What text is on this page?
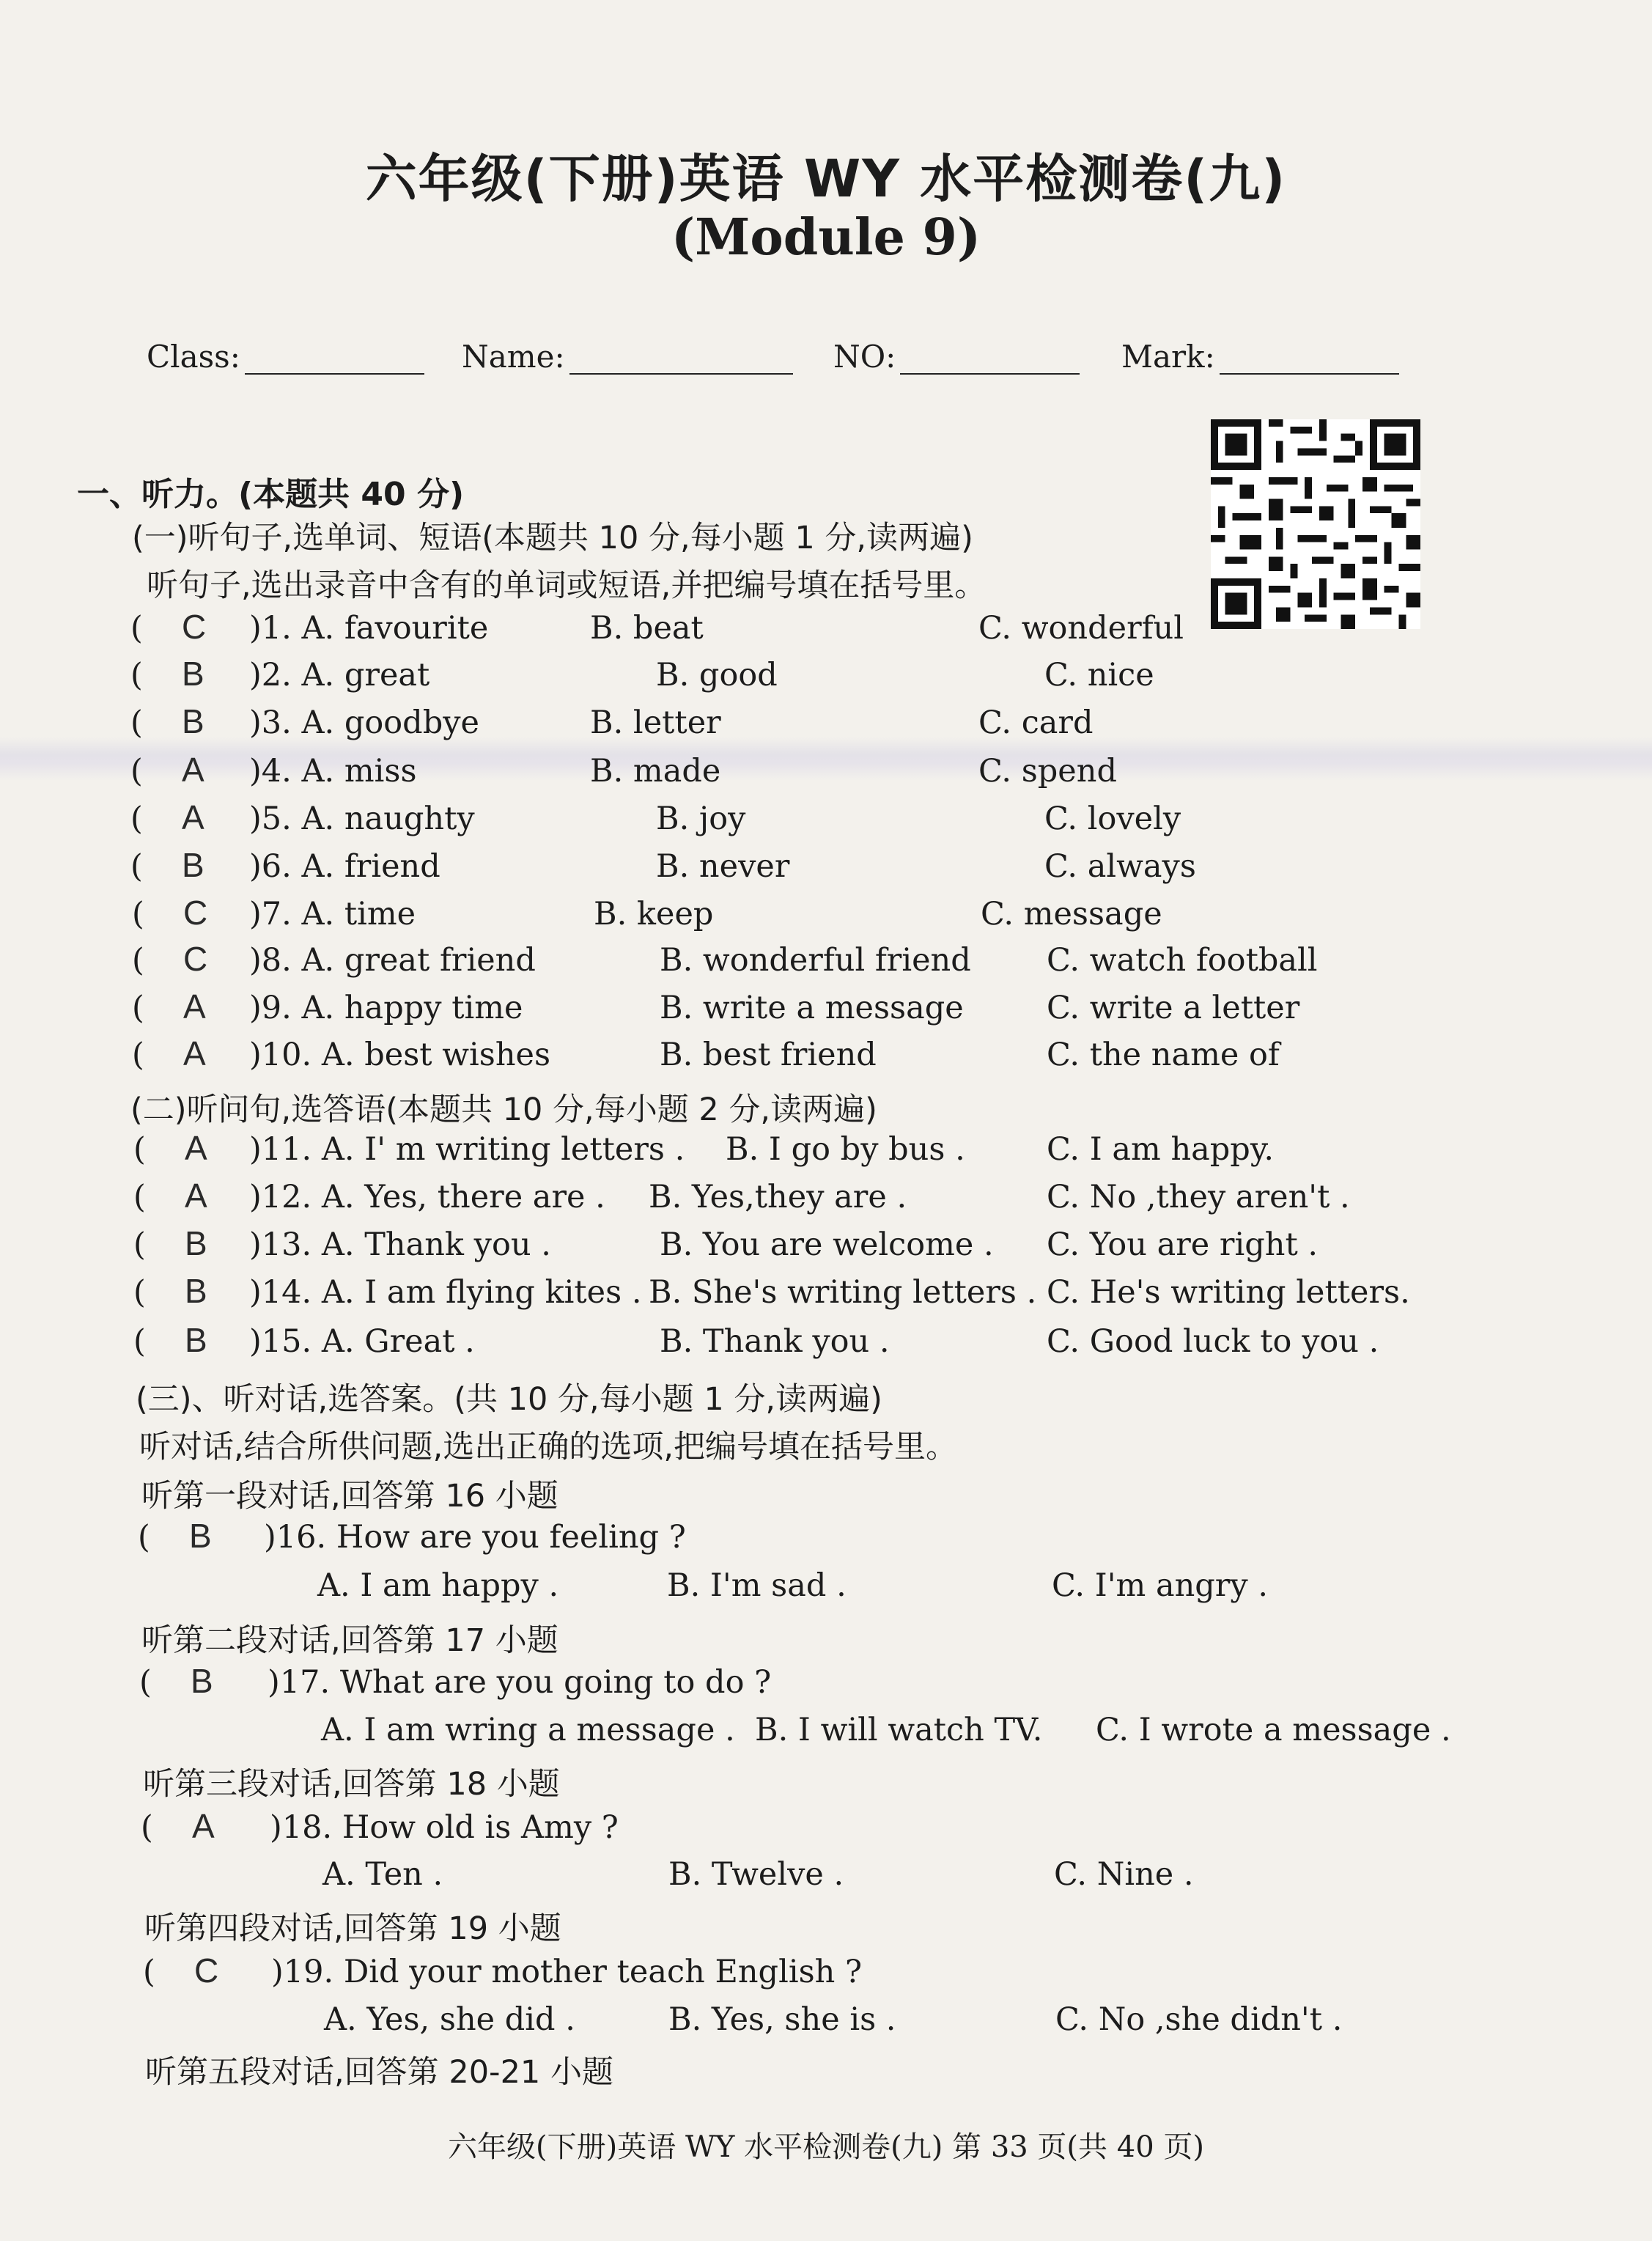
六年级(下册)英语 WY 水平检测卷(九)
(Module 9)
Class:	Name:	NO:	Mark:
一、听力。(本题共 40 分)
(一)听句子,选单词、短语(本题共 10 分,每小题 1 分,读两遍)
听句子,选出录音中含有的单词或短语,并把编号填在括号里。
( C )1. A. favourite	B. beat	C. wonderful
( B )2. A. great	B. good	C. nice
( B )3. A. goodbye	B. letter	C. card
( A )4. A. miss	B. made	C. spend
( A )5. A. naughty	B. joy	C. lovely
( B )6. A. friend	B. never	C. always
( C )7. A. time	B. keep	C. message
( C )8. A. great friend	B. wonderful friend C. watch football
( A )9. A. happy time	B. write a message	C. write a letter
( A )10. A. best wishes	B. best friend	C. the name of
( A )11. A. I' m writing letters . B. I go by bus .	C. I am happy.
( A )12. A. Yes, there are . B. Yes,they are .	C. No ,they aren't .
( B )13. A. Thank you .	B. You are welcome . C. You are right .
( B )14. A. I am flying kites . B. She's writing letters . C. He's writing letters.
( B )15. A. Great .	B. Thank you .	C. Good luck to you .
( B )16. How are you feeling ?
A. I am happy .	B. I'm sad .	C. I'm angry .
( B )17. What are you going to do ?
A. I am wring a message . B. I will watch TV. C. I wrote a message .
( A )18. How old is Amy ?
A. Ten .	B. Twelve .	C. Nine .
( C )19. Did your mother teach English ?
A. Yes, she did .	B. Yes, she is .	C. No ,she didn't .
(二)听问句,选答语(本题共 10 分,每小题 2 分,读两遍)
(三)、听对话,选答案。(共 10 分,每小题 1 分,读两遍)
听对话,结合所供问题,选出正确的选项,把编号填在括号里。
听第一段对话,回答第 16 小题
听第二段对话,回答第 17 小题
听第三段对话,回答第 18 小题
听第四段对话,回答第 19 小题
听第五段对话,回答第 20-21 小题
六年级(下册)英语 WY 水平检测卷(九) 第 33 页(共 40 页)
